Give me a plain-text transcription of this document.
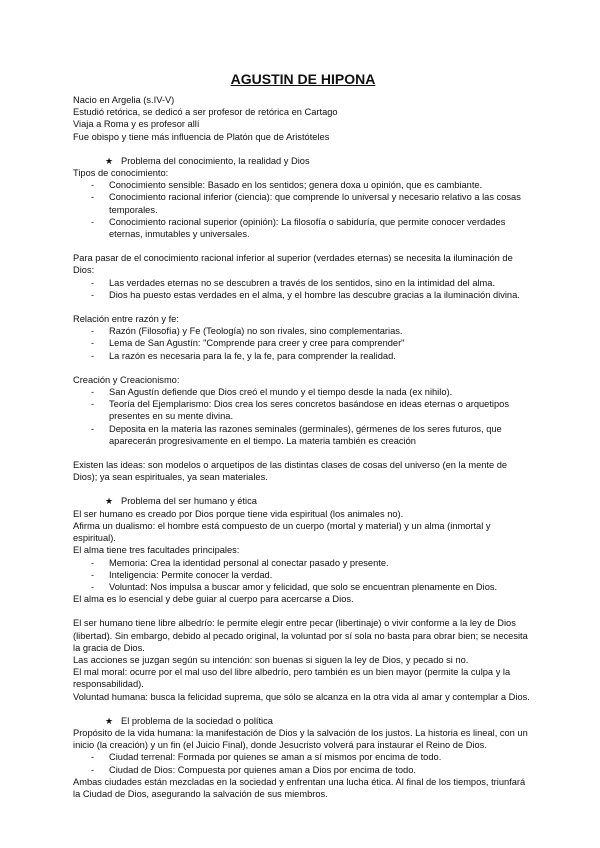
AGUSTIN DE HIPONA
Nacio en Argelia (s.IV-V)
Estudió retórica, se dedicó a ser profesor de retórica en Cartago
Viaja a Roma y es profesor allí
Fue obispo y tiene más influencia de Platón que de Aristóteles
★ Problema del conocimiento, la realidad y Dios
Tipos de conocimiento:
-	Conocimiento sensible: Basado en los sentidos; genera doxa u opinión, que es cambiante.
-	Conocimiento racional inferior (ciencia): que comprende lo universal y necesario relativo a las cosas temporales.
-	Conocimiento racional superior (opinión): La filosofía o sabiduría, que permite conocer verdades eternas, inmutables y universales.
Para pasar de el conocimiento racional inferior al superior (verdades eternas) se necesita la iluminación de Dios:
-	Las verdades eternas no se descubren a través de los sentidos, sino en la intimidad del alma.
-	Dios ha puesto estas verdades en el alma, y el hombre las descubre gracias a la iluminación divina.
Relación entre razón y fe:
-	Razón (Filosofía) y Fe (Teología) no son rivales, sino complementarias.
-	Lema de San Agustín: "Comprende para creer y cree para comprender"
-	La razón es necesaria para la fe, y la fe, para comprender la realidad.
Creación y Creacionismo:
-	San Agustín defiende que Dios creó el mundo y el tiempo desde la nada (ex nihilo).
-	Teoría del Ejemplarismo: Dios crea los seres concretos basándose en ideas eternas o arquetipos presentes en su mente divina.
-	Deposita en la materia las razones seminales (germinales), gérmenes de los seres futuros, que aparecerán progresivamente en el tiempo. La materia también es creación
Existen las ideas: son modelos o arquetipos de las distintas clases de cosas del universo (en la mente de Dios); ya sean espirituales, ya sean materiales.
★ Problema del ser humano y ética
El ser humano es creado por Dios porque tiene vida espiritual (los animales no).
Afirma un dualismo: el hombre está compuesto de un cuerpo (mortal y material) y un alma (inmortal y espiritual).
El alma tiene tres facultades principales:
-	Memoria: Crea la identidad personal al conectar pasado y presente.
-	Inteligencia: Permite conocer la verdad.
-	Voluntad: Nos impulsa a buscar amor y felicidad, que solo se encuentran plenamente en Dios.
El alma es lo esencial y debe guiar al cuerpo para acercarse a Dios.
El ser humano tiene libre albedrío: le permite elegir entre pecar (libertinaje) o vivir conforme a la ley de Dios (libertad). Sin embargo, debido al pecado original, la voluntad por sí sola no basta para obrar bien; se necesita la gracia de Dios.
Las acciones se juzgan según su intención: son buenas si siguen la ley de Dios, y pecado si no.
El mal moral: ocurre por el mal uso del libre albedrío, pero también es un bien mayor (permite la culpa y la responsabilidad).
Voluntad humana: busca la felicidad suprema, que sólo se alcanza en la otra vida al amar y contemplar a Dios.
★ El problema de la sociedad o política
Propósito de la vida humana: la manifestación de Dios y la salvación de los justos. La historia es lineal, con un inicio (la creación) y un fin (el Juicio Final), donde Jesucristo volverá para instaurar el Reino de Dios.
-	Ciudad terrenal: Formada por quienes se aman a sí mismos por encima de todo.
-	Ciudad de Dios: Compuesta por quienes aman a Dios por encima de todo.
Ambas ciudades están mezcladas en la sociedad y enfrentan una lucha ética. Al final de los tiempos, triunfará la Ciudad de Dios, asegurando la salvación de sus miembros.
